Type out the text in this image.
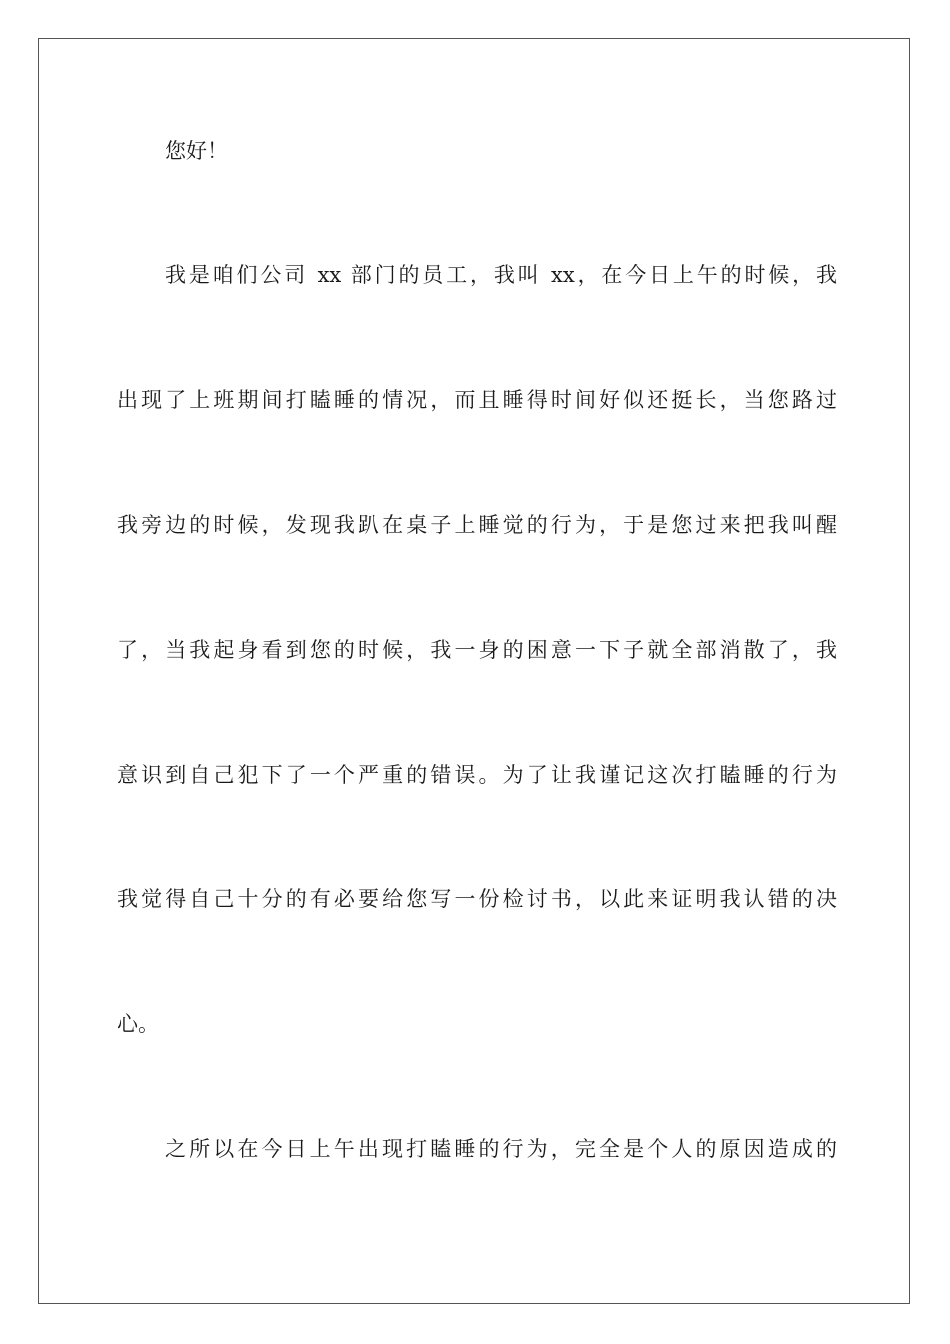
您好！
我是咱们公司 xx 部门的员工，我叫 xx，在今日上午的时候，我
出现了上班期间打瞌睡的情况，而且睡得时间好似还挺长，当您路过
我旁边的时候，发现我趴在桌子上睡觉的行为，于是您过来把我叫醒
了，当我起身看到您的时候，我一身的困意一下子就全部消散了，我
意识到自己犯下了一个严重的错误。为了让我谨记这次打瞌睡的行为
我觉得自己十分的有必要给您写一份检讨书，以此来证明我认错的决
心。
之所以在今日上午出现打瞌睡的行为，完全是个人的原因造成的
